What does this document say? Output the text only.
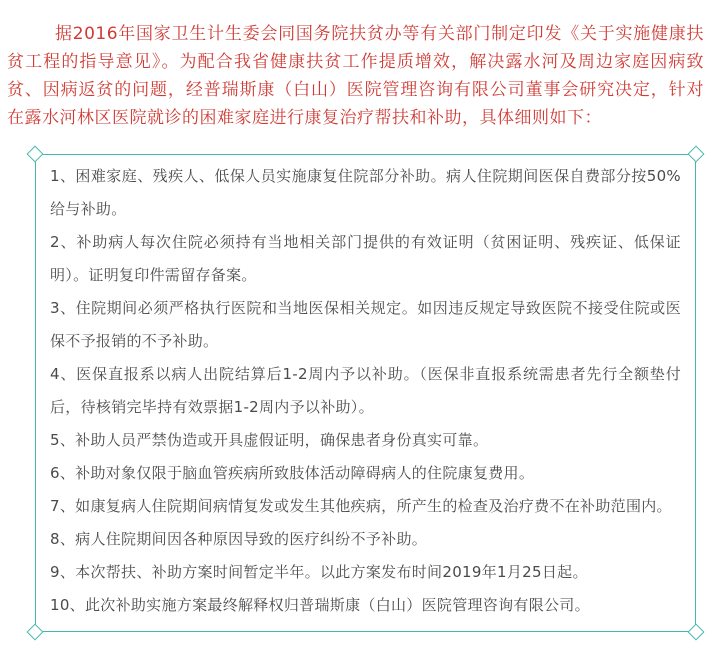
据2016年国家卫生计生委会同国务院扶贫办等有关部门制定印发《关于实施健康扶贫工程的指导意见》。为配合我省健康扶贫工作提质增效，解决露水河及周边家庭因病致贫、因病返贫的问题，经普瑞斯康（白山）医院管理咨询有限公司董事会研究决定，针对在露水河林区医院就诊的困难家庭进行康复治疗帮扶和补助，具体细则如下：

1、困难家庭、残疾人、低保人员实施康复住院部分补助。病人住院期间医保自费部分按50%给与补助。

2、补助病人每次住院必须持有当地相关部门提供的有效证明（贫困证明、残疾证、低保证明）。证明复印件需留存备案。

3、住院期间必须严格执行医院和当地医保相关规定。如因违反规定导致医院不接受住院或医保不予报销的不予补助。

4、医保直报系以病人出院结算后1-2周内予以补助。（医保非直报系统需患者先行全额垫付后，待核销完毕持有效票据1-2周内予以补助）。

5、补助人员严禁伪造或开具虚假证明，确保患者身份真实可靠。

6、补助对象仅限于脑血管疾病所致肢体活动障碍病人的住院康复费用。

7、如康复病人住院期间病情复发或发生其他疾病，所产生的检查及治疗费不在补助范围内。

8、病人住院期间因各种原因导致的医疗纠纷不予补助。

9、本次帮扶、补助方案时间暂定半年。以此方案发布时间2019年1月25日起。

10、此次补助实施方案最终解释权归普瑞斯康（白山）医院管理咨询有限公司。
